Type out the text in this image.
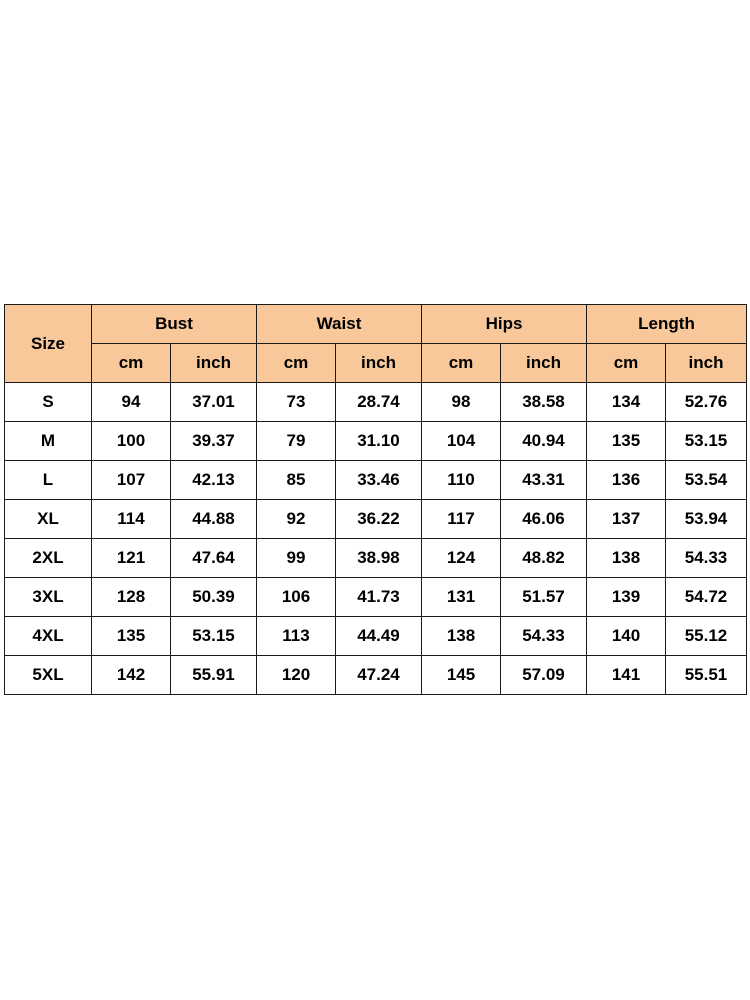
Size	Bust		Waist		Hips		Length	
	cm	inch	cm	inch	cm	inch	cm	inch
S	94	37.01	73	28.74	98	38.58	134	52.76
M	100	39.37	79	31.10	104	40.94	135	53.15
L	107	42.13	85	33.46	110	43.31	136	53.54
XL	114	44.88	92	36.22	117	46.06	137	53.94
2XL	121	47.64	99	38.98	124	48.82	138	54.33
3XL	128	50.39	106	41.73	131	51.57	139	54.72
4XL	135	53.15	113	44.49	138	54.33	140	55.12
5XL	142	55.91	120	47.24	145	57.09	141	55.51
